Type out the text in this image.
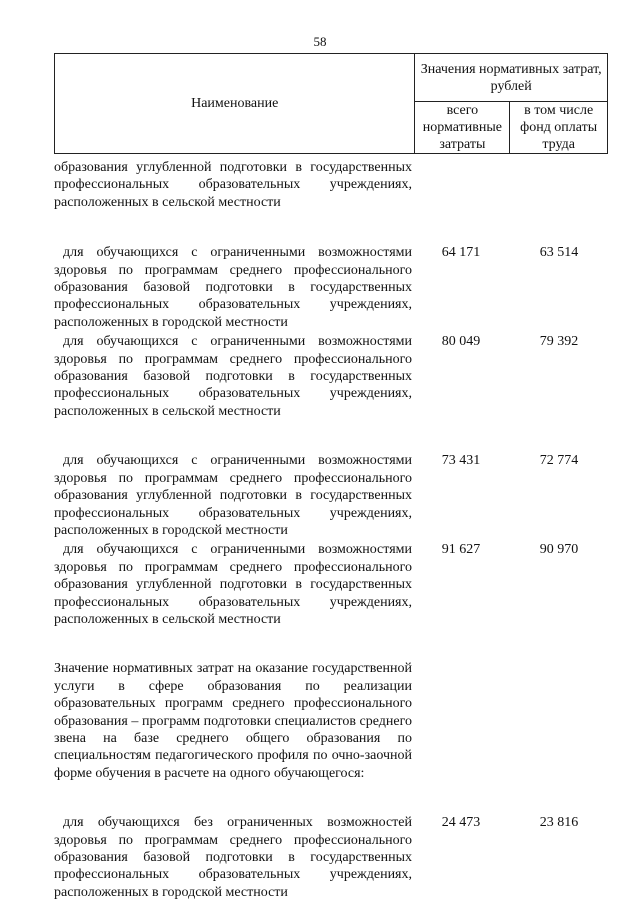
58
Наименование	Значения нормативных затрат, рублей	
	всего нормативные затраты	в том числе фонд оплаты труда
образования углубленной подготовки в государственных профессиональных образовательных учреждениях, расположенных в сельской местности
для обучающихся с ограниченными возможностями здоровья по программам среднего профессионального образования базовой подготовки в государственных профессиональных образовательных учреждениях, расположенных в городской местности
64 171	63 514
для обучающихся с ограниченными возможностями здоровья по программам среднего профессионального образования базовой подготовки в государственных профессиональных образовательных учреждениях, расположенных в сельской местности
80 049	79 392
для обучающихся с ограниченными возможностями здоровья по программам среднего профессионального образования углубленной подготовки в государственных профессиональных образовательных учреждениях, расположенных в городской местности
73 431	72 774
для обучающихся с ограниченными возможностями здоровья по программам среднего профессионального образования углубленной подготовки в государственных профессиональных образовательных учреждениях, расположенных в сельской местности
91 627	90 970
Значение нормативных затрат на оказание государственной услуги в сфере образования по реализации образовательных программ среднего профессионального образования – программ подготовки специалистов среднего звена на базе среднего общего образования по специальностям педагогического профиля по очно-заочной форме обучения в расчете на одного обучающегося:
для обучающихся без ограниченных возможностей здоровья по программам среднего профессионального образования базовой подготовки в государственных профессиональных образовательных учреждениях, расположенных в городской местности
24 473	23 816
